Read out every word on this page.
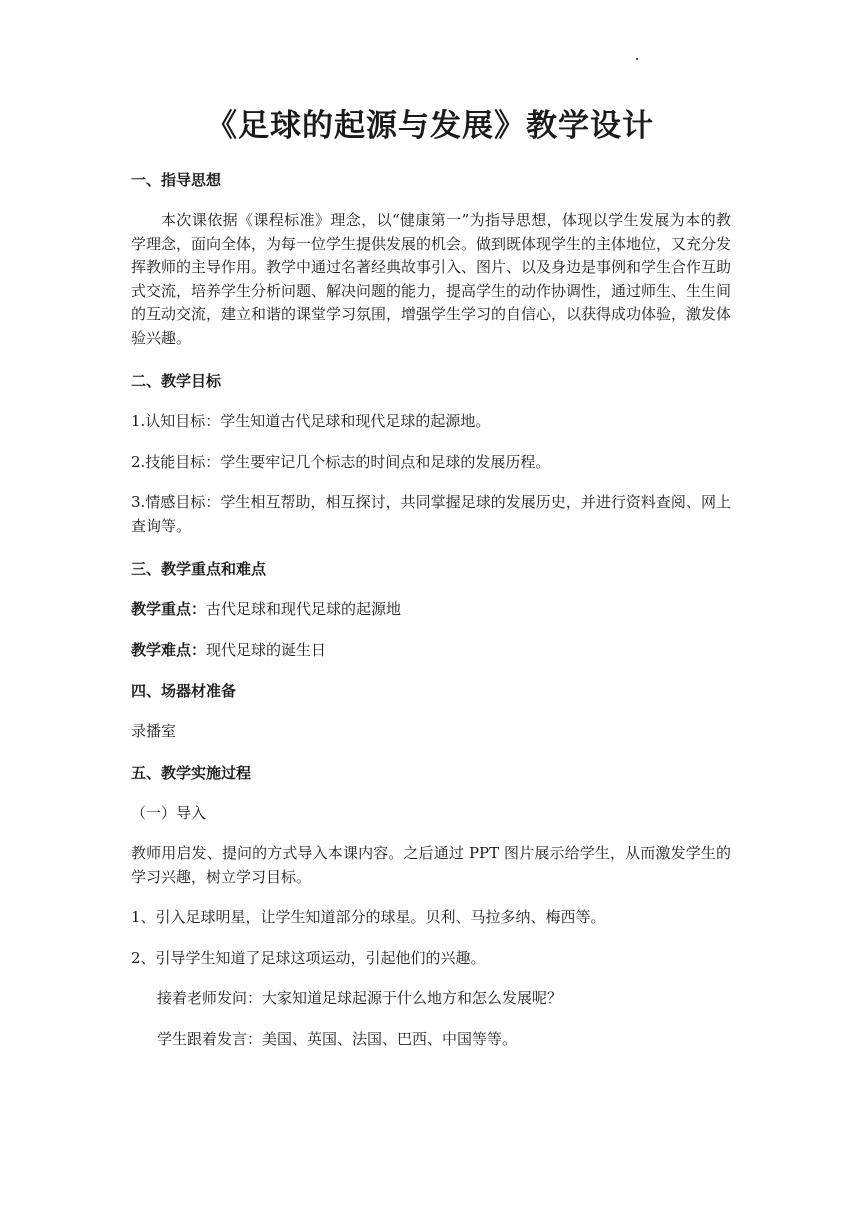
《足球的起源与发展》教学设计

一、指导思想

本次课依据《课程标准》理念，以“健康第一”为指导思想，体现以学生发展为本的教学理念，面向全体，为每一位学生提供发展的机会。做到既体现学生的主体地位，又充分发挥教师的主导作用。教学中通过名著经典故事引入、图片、以及身边是事例和学生合作互助式交流，培养学生分析问题、解决问题的能力，提高学生的动作协调性，通过师生、生生间的互动交流，建立和谐的课堂学习氛围，增强学生学习的自信心，以获得成功体验，激发体验兴趣。

二、教学目标

1.认知目标：学生知道古代足球和现代足球的起源地。

2.技能目标：学生要牢记几个标志的时间点和足球的发展历程。

3.情感目标：学生相互帮助，相互探讨，共同掌握足球的发展历史，并进行资料查阅、网上查询等。

三、教学重点和难点

教学重点：古代足球和现代足球的起源地

教学难点：现代足球的诞生日

四、场器材准备

录播室

五、教学实施过程

（一）导入

教师用启发、提问的方式导入本课内容。之后通过 PPT 图片展示给学生，从而激发学生的学习兴趣，树立学习目标。

1、引入足球明星，让学生知道部分的球星。贝利、马拉多纳、梅西等。

2、引导学生知道了足球这项运动，引起他们的兴趣。

接着老师发问：大家知道足球起源于什么地方和怎么发展呢？

学生跟着发言：美国、英国、法国、巴西、中国等等。
